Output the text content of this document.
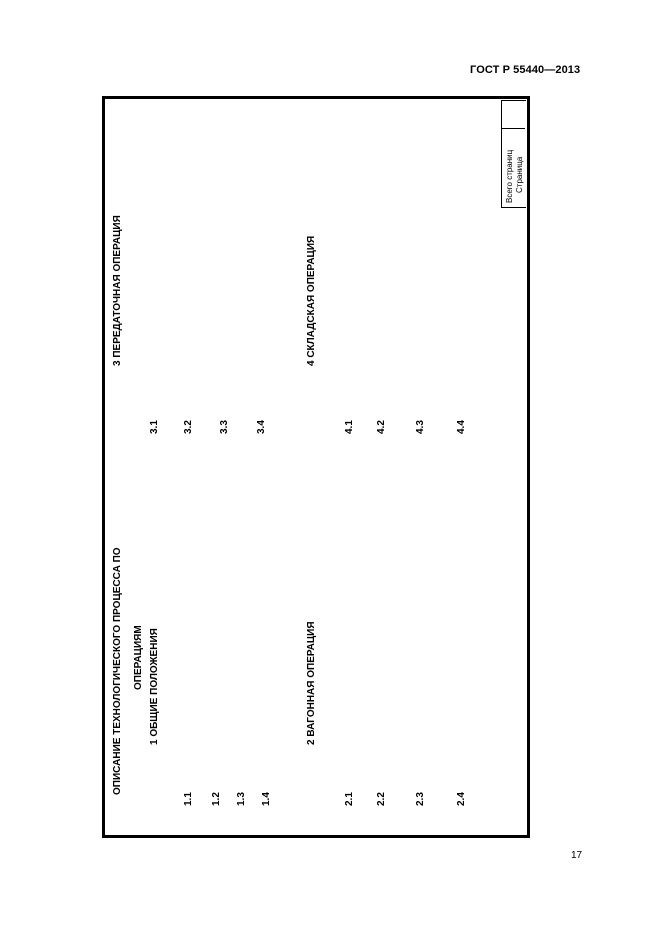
ГОСТ Р 55440—2013
Всего страниц Страница
ОПИСАНИЕ ТЕХНОЛОГИЧЕСКОГО ПРОЦЕССА ПО ОПЕРАЦИЯМ 1 ОБЩИЕ ПОЛОЖЕНИЯ
1.1 1.2 1.3 1.4
2 ВАГОННАЯ ОПЕРАЦИЯ
2.1 2.2	2.3	2.4
3 ПЕРЕДАТОЧНАЯ ОПЕРАЦИЯ
3.1 3.2	3.3	3.4
4 СКЛАДСКАЯ ОПЕРАЦИЯ
4.1 4.2	4.3	4.4
17
